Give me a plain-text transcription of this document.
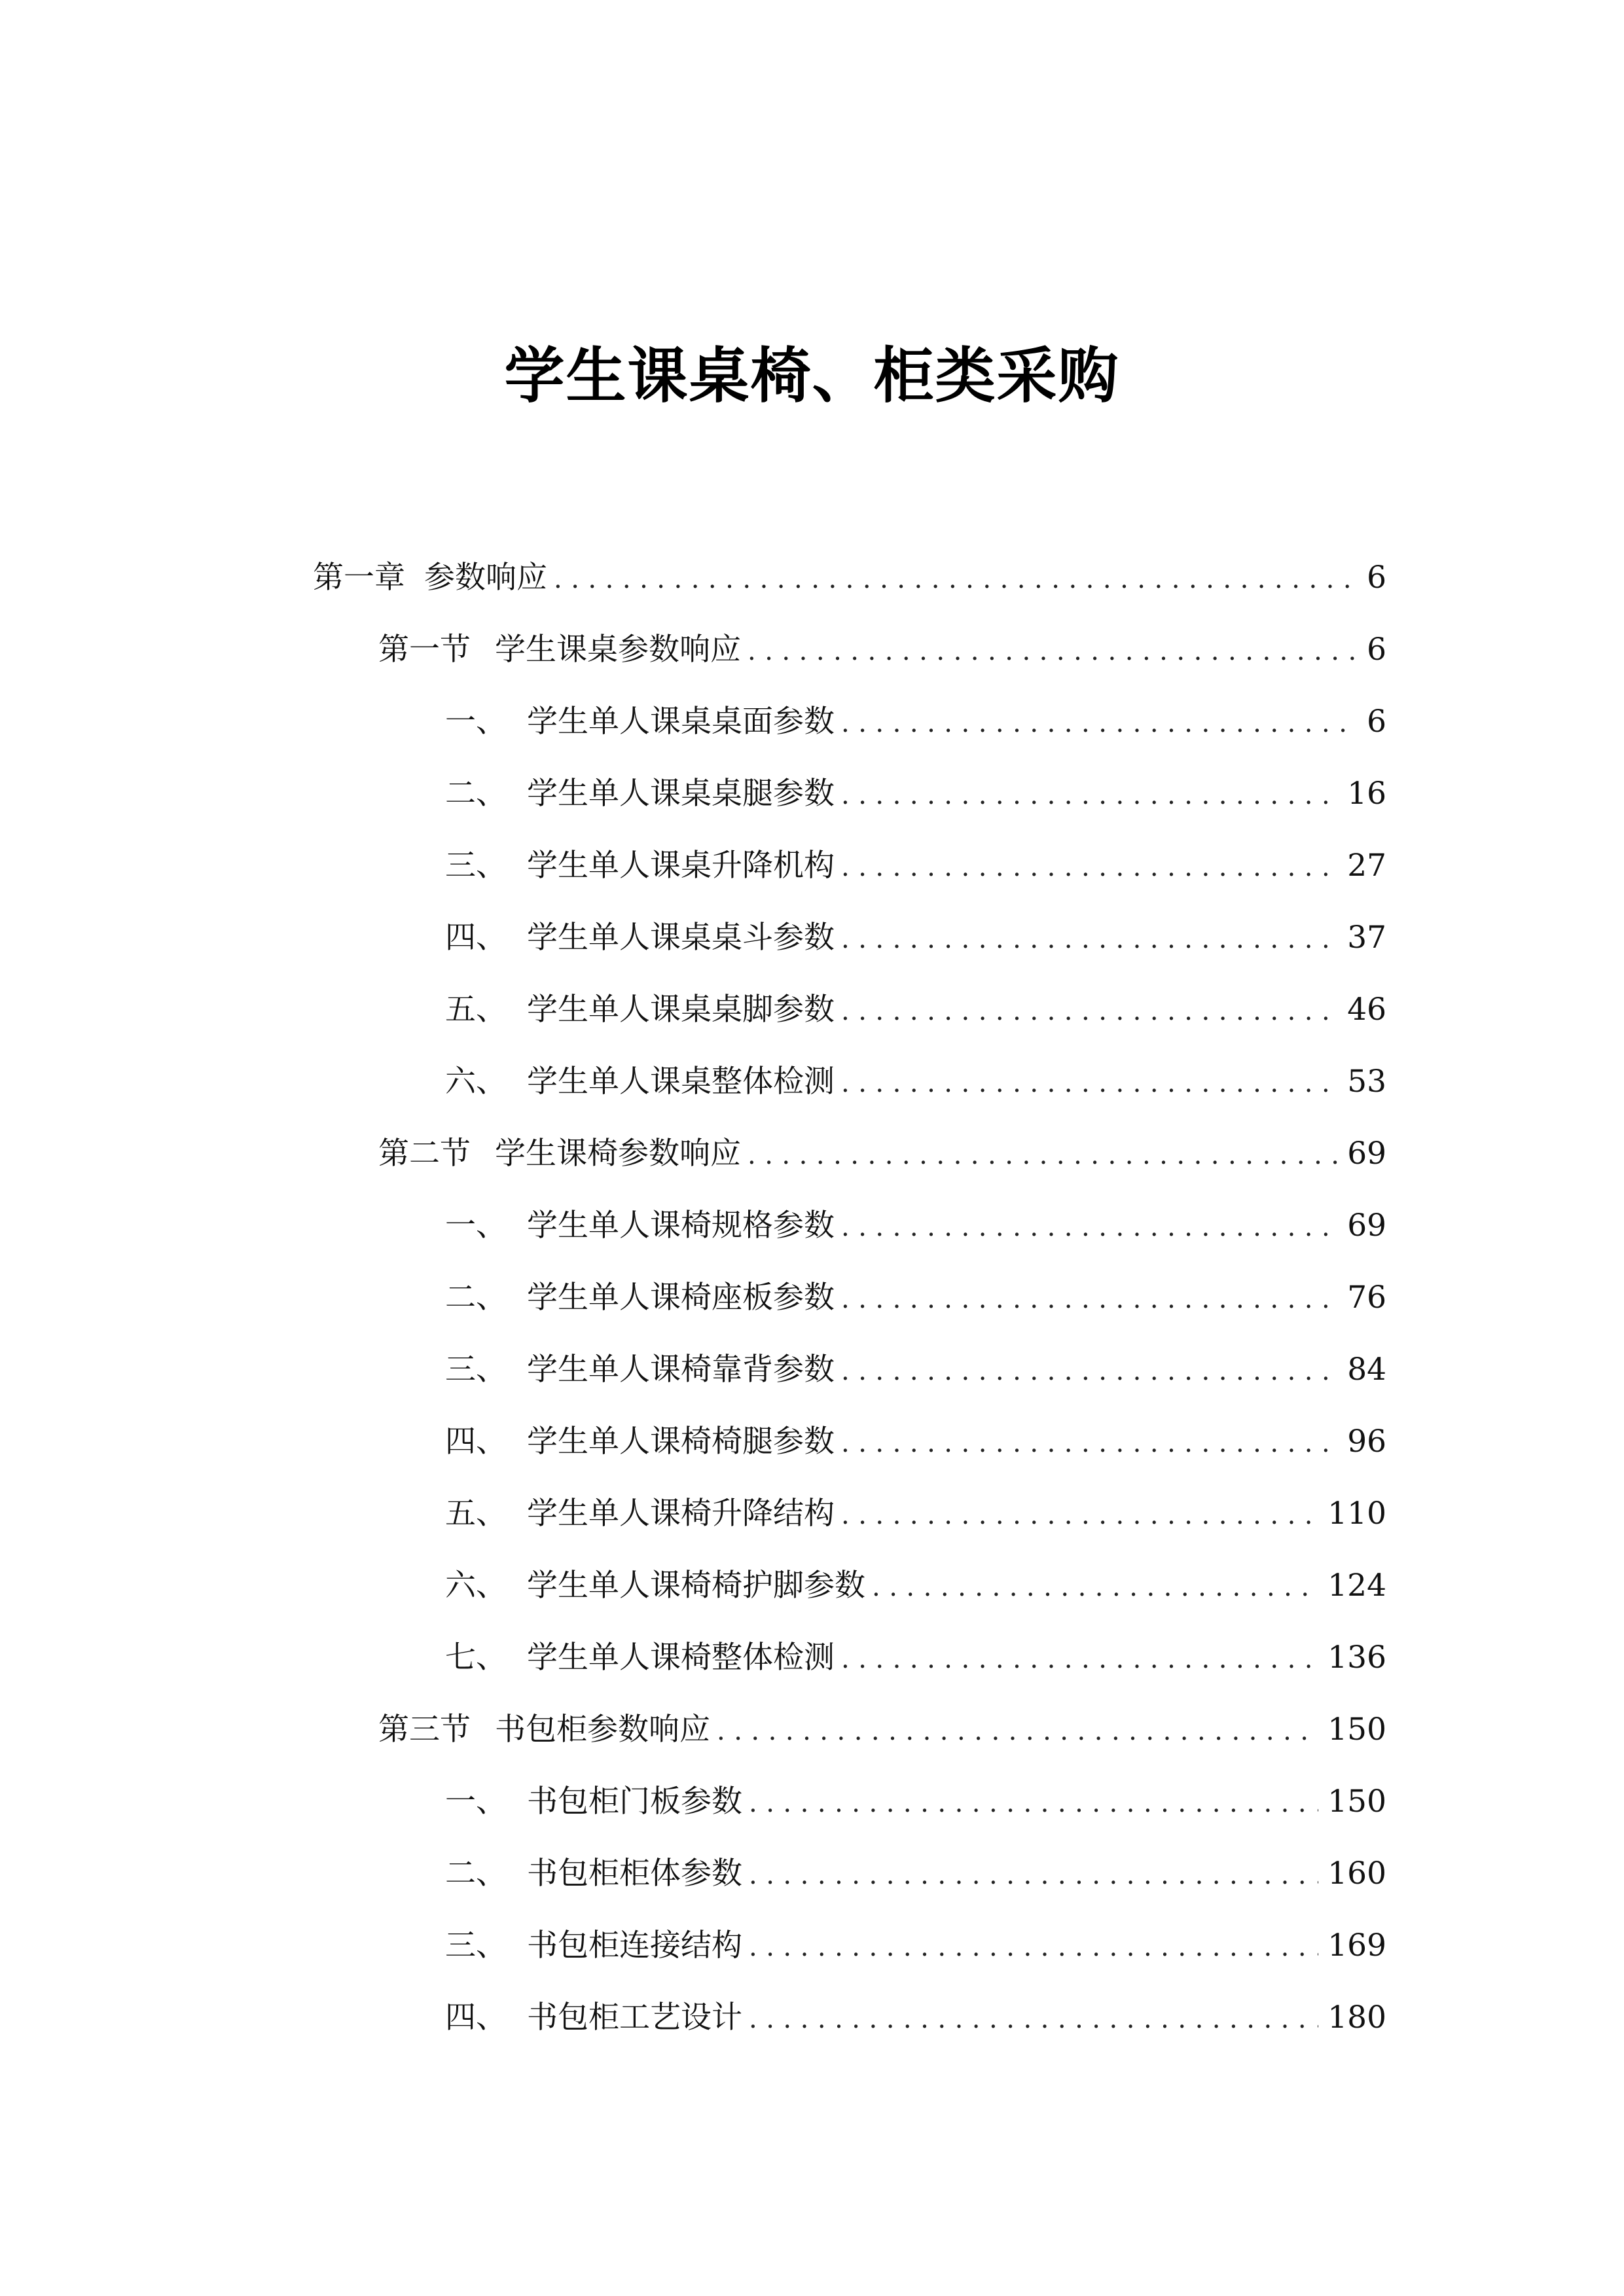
学生课桌椅、柜类采购
第一章 参数响应 .....	6
第一节 学生课桌参数响应 .....	6
一、 学生单人课桌桌面参数 .....	6
二、 学生单人课桌桌腿参数 .....	16
三、 学生单人课桌升降机构 .....	27
四、 学生单人课桌桌斗参数 .....	37
五、 学生单人课桌桌脚参数 .....	46
六、 学生单人课桌整体检测 .....	53
第二节 学生课椅参数响应 .....	69
一、 学生单人课椅规格参数 .....	69
二、 学生单人课椅座板参数 .....	76
三、 学生单人课椅靠背参数 .....	84
四、 学生单人课椅椅腿参数 .....	96
五、 学生单人课椅升降结构 .....	110
六、 学生单人课椅椅护脚参数 .....	124
七、 学生单人课椅整体检测 .....	136
第三节 书包柜参数响应 .....	150
一、 书包柜门板参数 .....	150
二、 书包柜柜体参数 .....	160
三、 书包柜连接结构 .....	169
四、 书包柜工艺设计 .....	180
